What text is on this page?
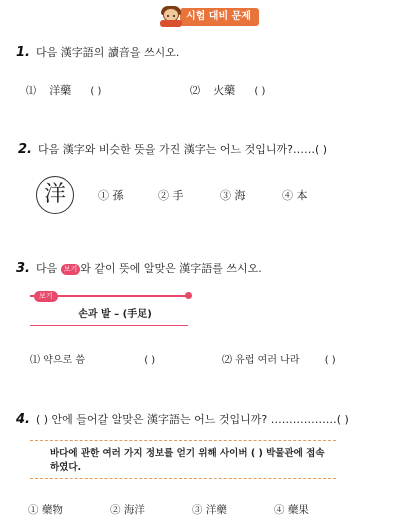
시험 대비 문제
1. 다음 漢字語의 讀音을 쓰시오.
⑴ 洋藥 ( )	⑵ 火藥 ( )
2. 다음 漢字와 비슷한 뜻을 가진 漢字는 어느 것입니까?……( )
洋	① 孫	② 手	③ 海	④ 本
3. 다음 보기 와 같이 뜻에 알맞은 漢字語를 쓰시오.
보기
손과 발 – (手足)
⑴ 약으로 씀	( )	⑵ 유럽 여러 나라	( )
4. ( ) 안에 들어갈 알맞은 漢字語는 어느 것입니까? ………………( )
바다에 관한 여러 가지 정보를 얻기 위해 사이버 ( ) 박물관에 접속하였다.
① 藥物	② 海洋	③ 洋藥	④ 藥果
